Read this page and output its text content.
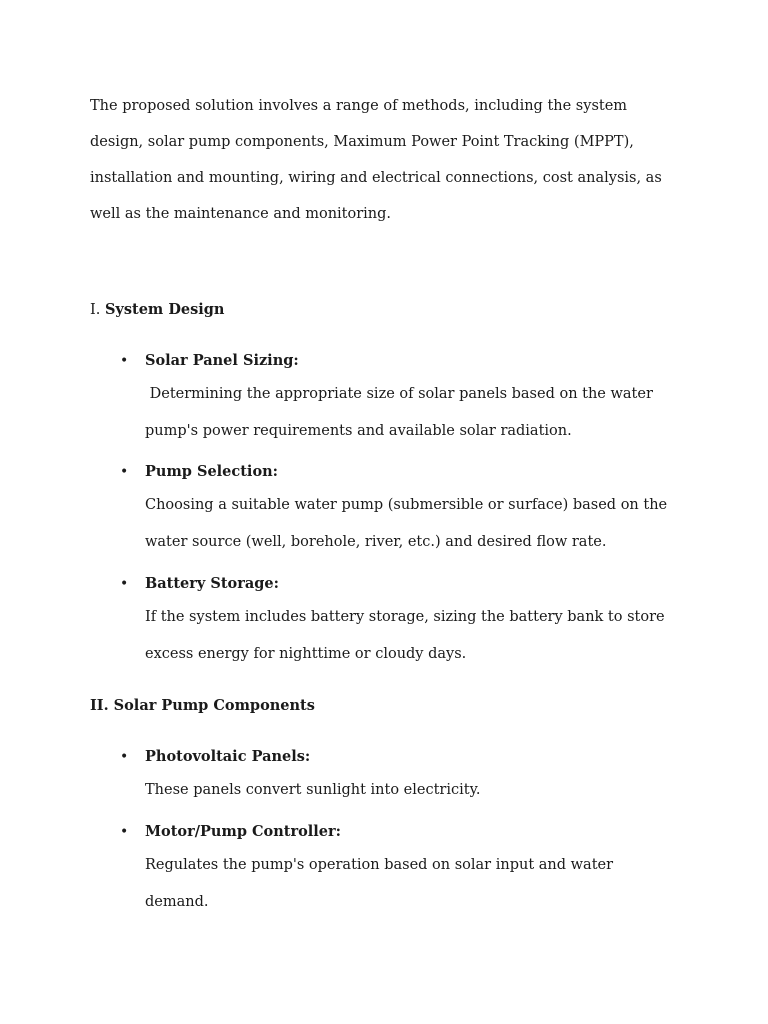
The proposed solution involves a range of methods, including the system design, solar pump components, Maximum Power Point Tracking (MPPT), installation and mounting, wiring and electrical connections, cost analysis, as well as the maintenance and monitoring.

I. System Design
•	Solar Panel Sizing:

Determining the appropriate size of solar panels based on the water pump's power requirements and available solar radiation.

•	Pump Selection:

Choosing a suitable water pump (submersible or surface) based on the water source (well, borehole, river, etc.) and desired flow rate.

•	Battery Storage:

If the system includes battery storage, sizing the battery bank to store excess energy for nighttime or cloudy days.

II. Solar Pump Components
•	Photovoltaic Panels:

These panels convert sunlight into electricity.

•	Motor/Pump Controller:

Regulates the pump's operation based on solar input and water demand.
